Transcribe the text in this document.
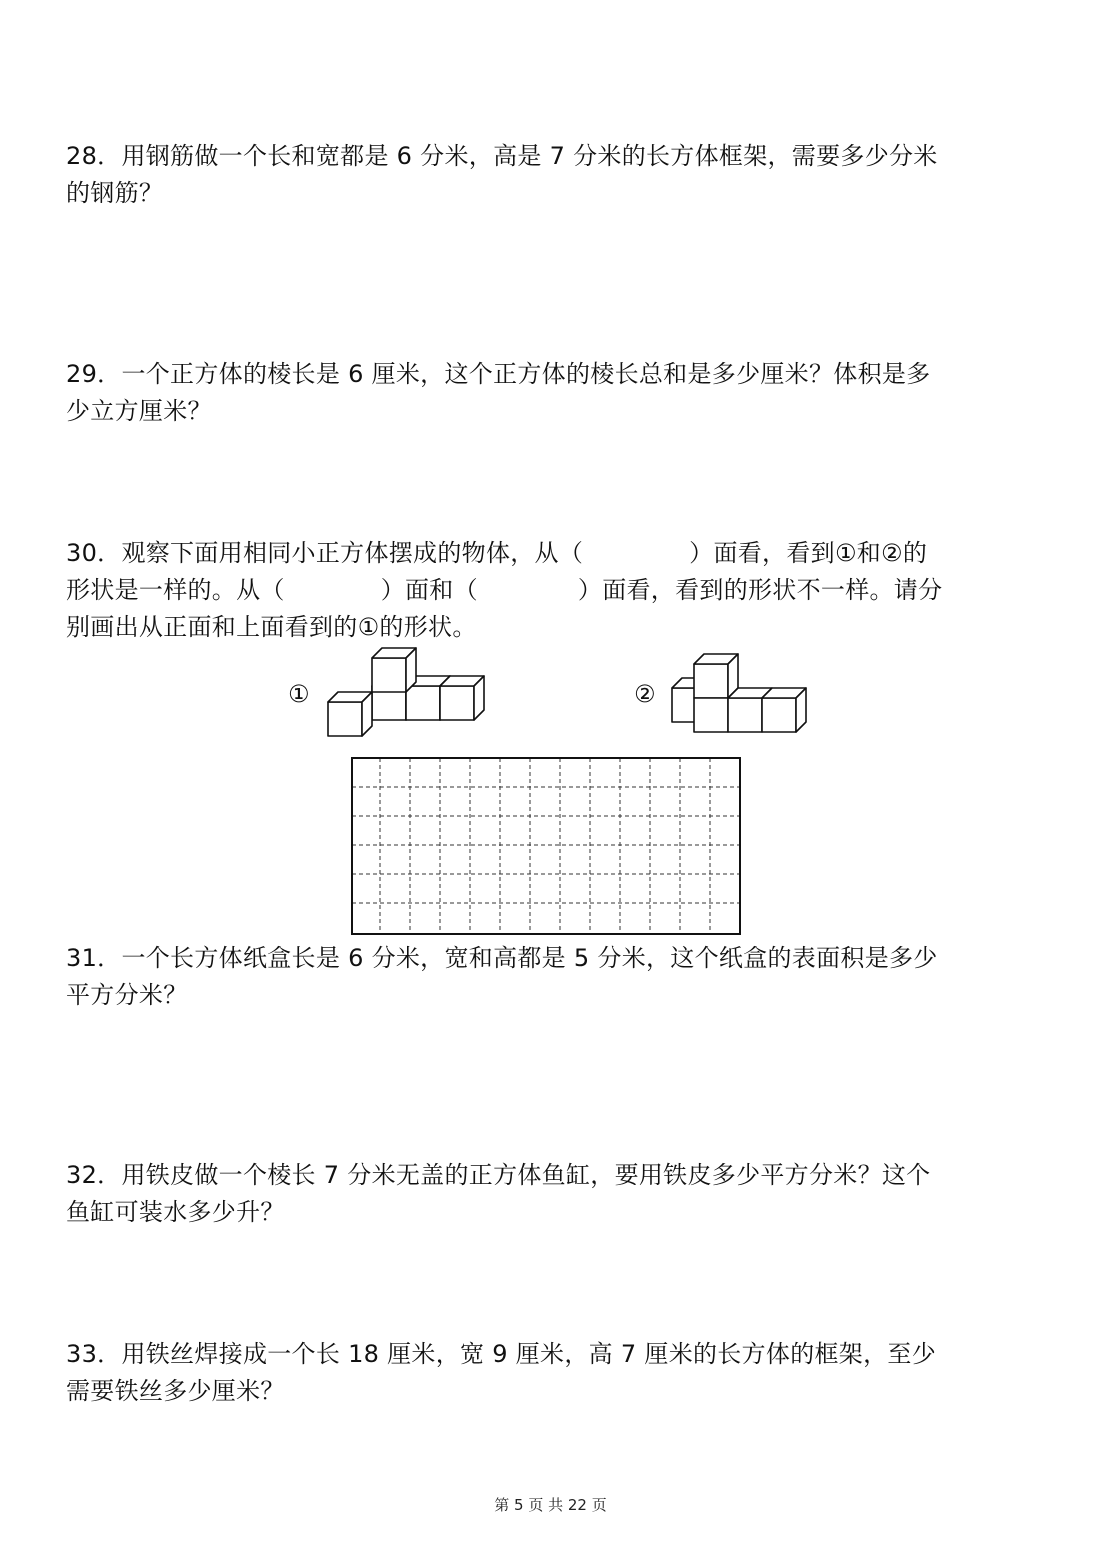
28．用钢筋做一个长和宽都是 6 分米，高是 7 分米的长方体框架，需要多少分米
的钢筋？
29．一个正方体的棱长是 6 厘米，这个正方体的棱长总和是多少厘米？体积是多
少立方厘米？
30．观察下面用相同小正方体摆成的物体，从（	）面看，看到①和②的
形状是一样的。从（	）面和（	）面看，看到的形状不一样。请分
别画出从正面和上面看到的①的形状。
①	②
31．一个长方体纸盒长是 6 分米，宽和高都是 5 分米，这个纸盒的表面积是多少
平方分米？
32．用铁皮做一个棱长 7 分米无盖的正方体鱼缸，要用铁皮多少平方分米？这个
鱼缸可装水多少升？
33．用铁丝焊接成一个长 18 厘米，宽 9 厘米，高 7 厘米的长方体的框架，至少
需要铁丝多少厘米？
第 5 页 共 22 页
